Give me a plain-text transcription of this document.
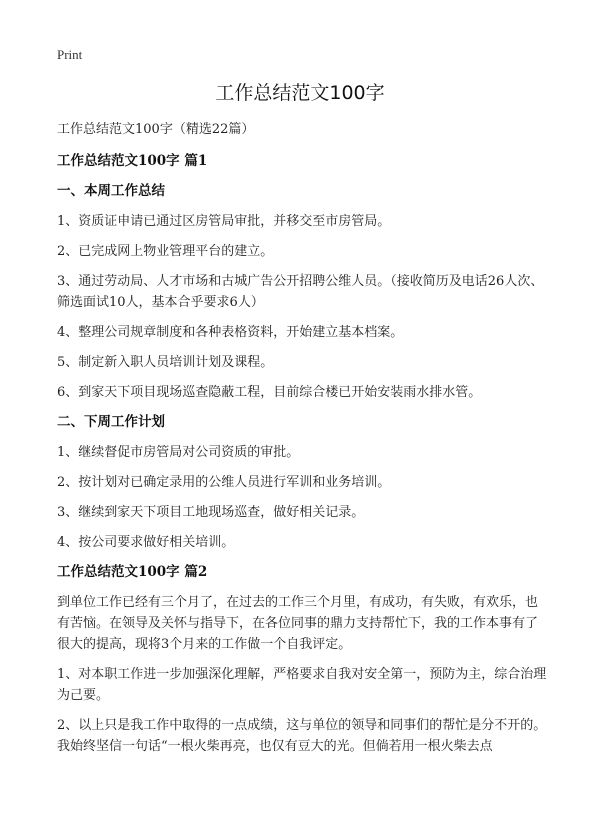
Print
工作总结范文100字

工作总结范文100字（精选22篇）

工作总结范文100字 篇1

一、本周工作总结

1、资质证申请已通过区房管局审批，并移交至市房管局。

2、已完成网上物业管理平台的建立。

3、通过劳动局、人才市场和古城广告公开招聘公维人员。（接收简历及电话26人次、筛选面试10人，基本合乎要求6人）

4、整理公司规章制度和各种表格资料，开始建立基本档案。

5、制定新入职人员培训计划及课程。

6、到家天下项目现场巡查隐蔽工程，目前综合楼已开始安装雨水排水管。

二、下周工作计划

1、继续督促市房管局对公司资质的审批。

2、按计划对已确定录用的公维人员进行军训和业务培训。

3、继续到家天下项目工地现场巡查，做好相关记录。

4、按公司要求做好相关培训。

工作总结范文100字 篇2

到单位工作已经有三个月了，在过去的工作三个月里，有成功，有失败，有欢乐，也有苦恼。在领导及关怀与指导下，在各位同事的鼎力支持帮忙下，我的工作本事有了很大的提高，现将3个月来的工作做一个自我评定。

1、对本职工作进一步加强深化理解，严格要求自我对安全第一，预防为主，综合治理为己要。

2、以上只是我工作中取得的一点成绩，这与单位的领导和同事们的帮忙是分不开的。我始终坚信一句话“一根火柴再亮，也仅有豆大的光。但倘若用一根火柴去点
